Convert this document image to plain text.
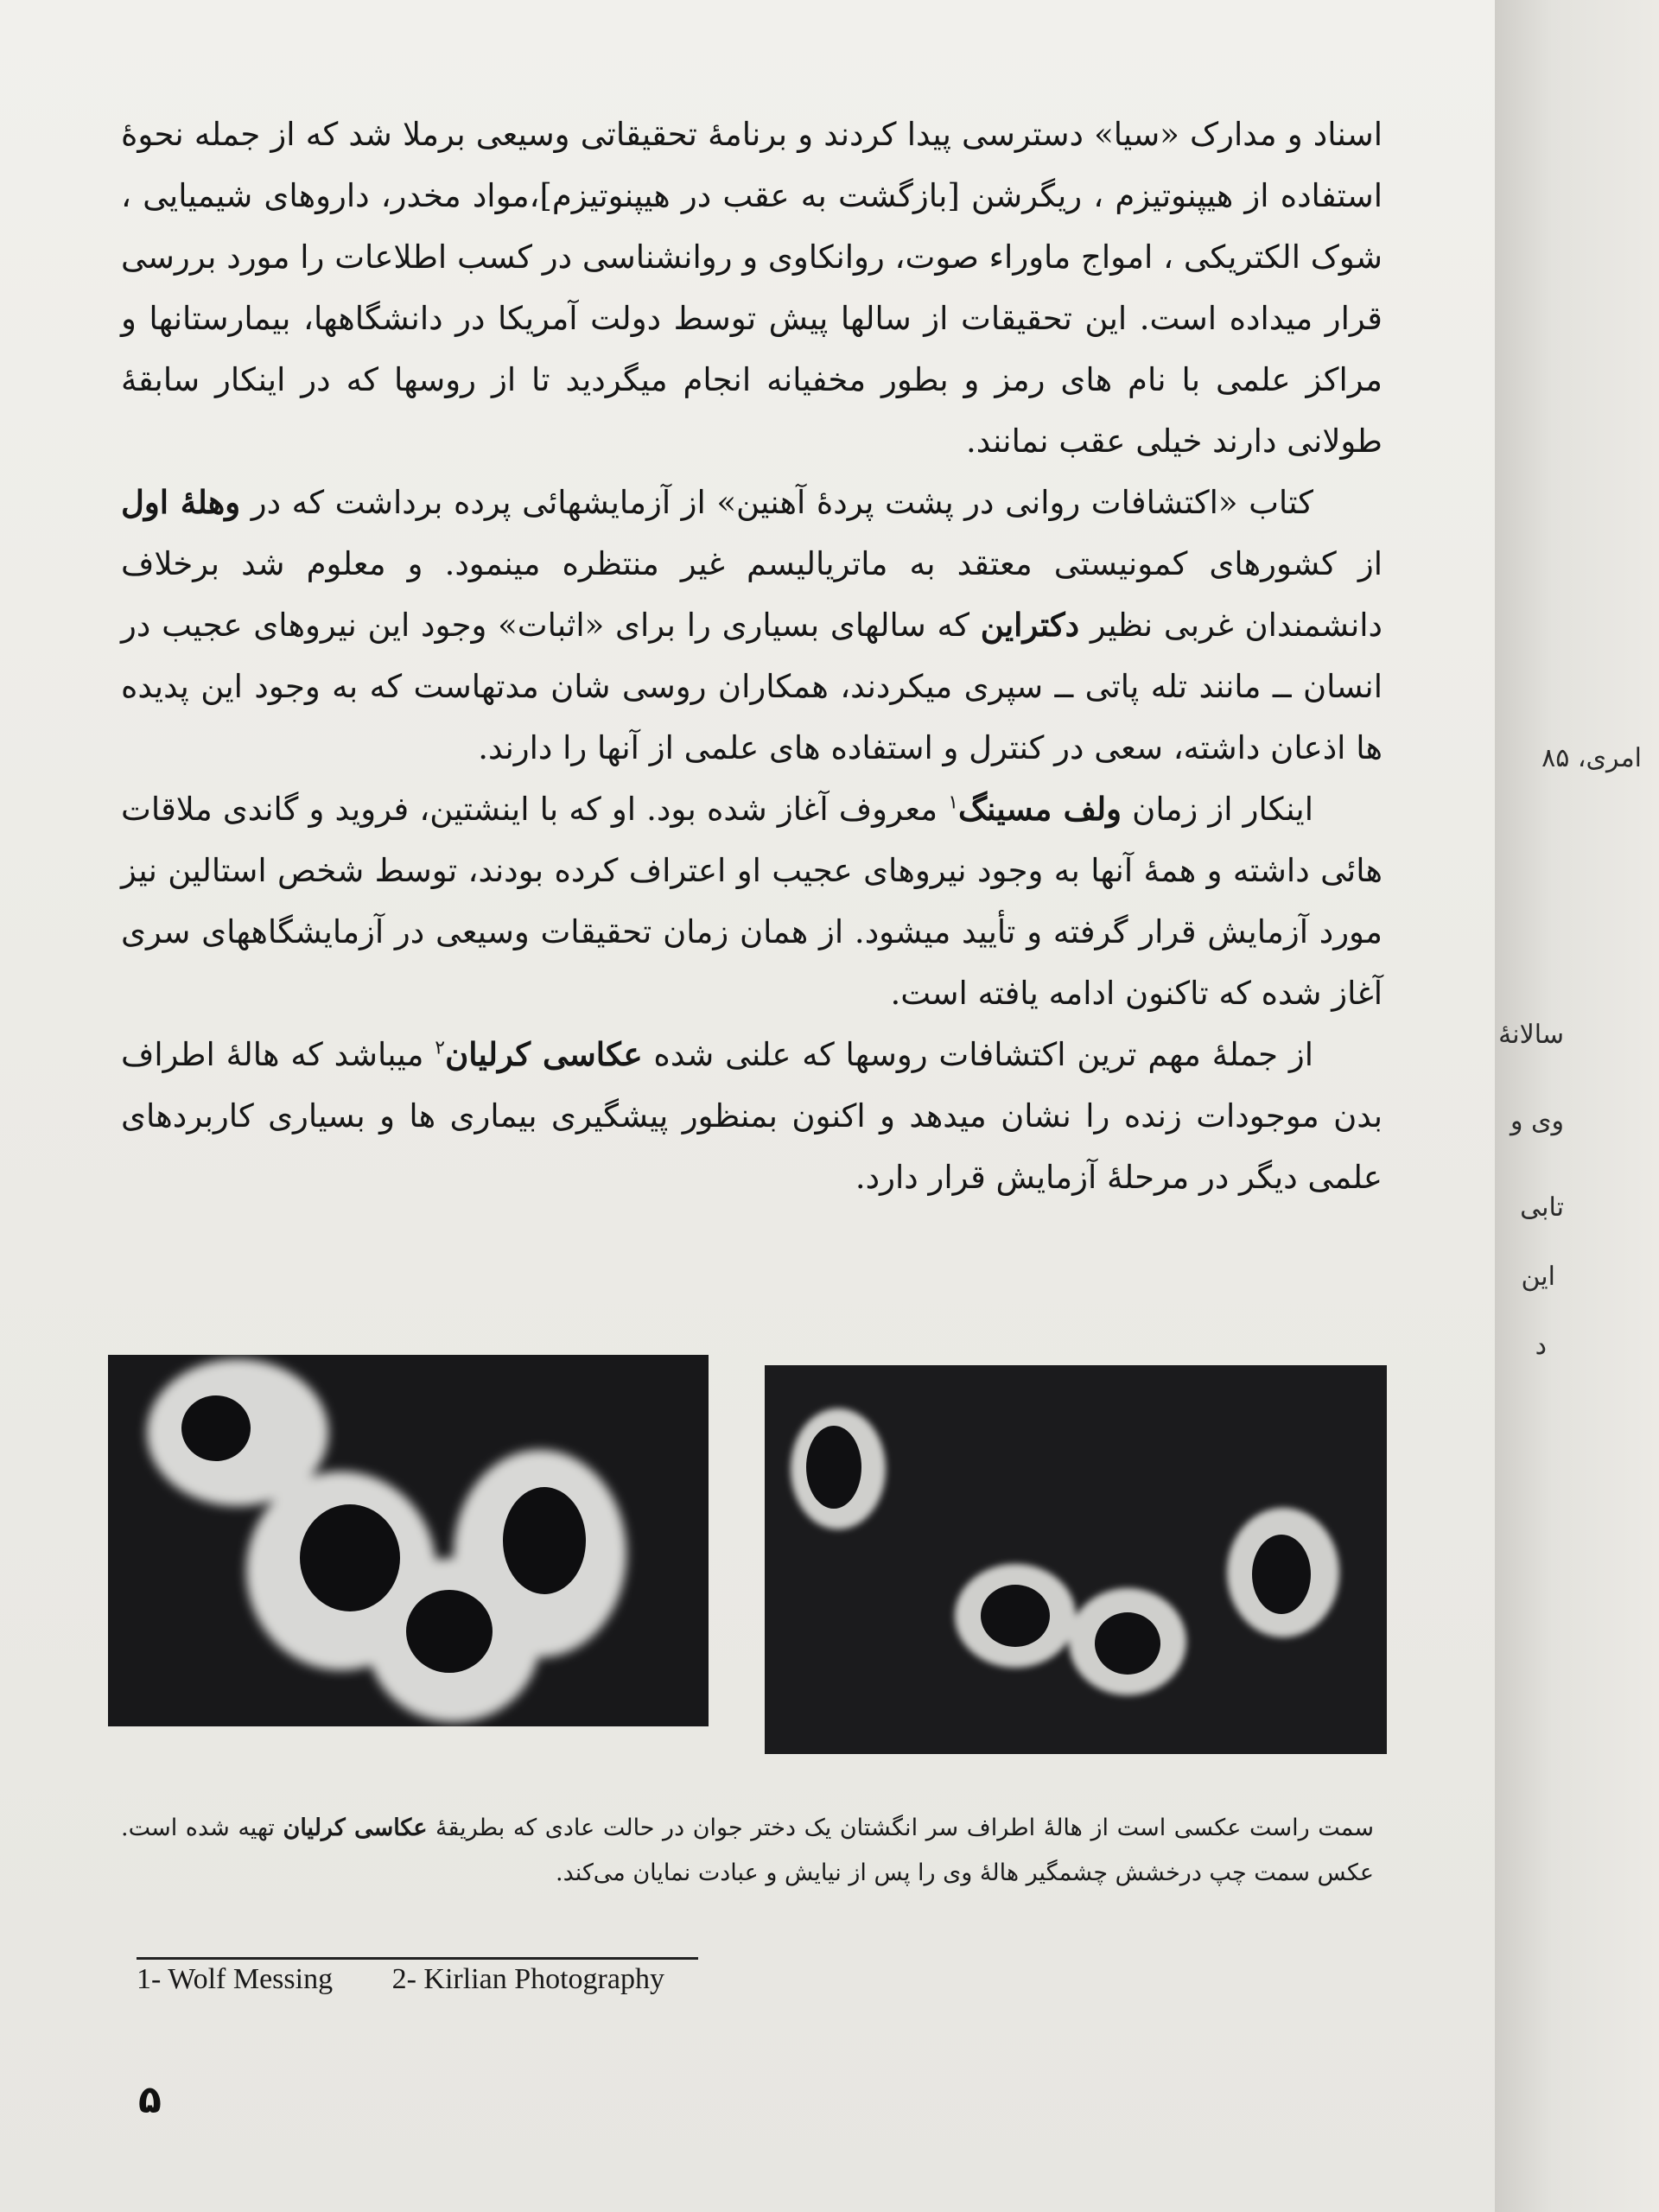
اسناد و مدارک «سیا» دسترسی پیدا کردند و برنامهٔ تحقیقاتی وسیعی برملا شد که از جمله نحوهٔ استفاده از هیپنوتیزم ، ریگرشن [بازگشت به عقب در هیپنوتیزم]،مواد مخدر، داروهای شیمیایی ، شوک الکتریکی ، امواج ماوراء صوت، روانکاوی و روانشناسی در کسب اطلاعات را مورد بررسی قرار میداده است. این تحقیقات از سالها پیش توسط دولت آمریکا در دانشگاهها، بیمارستانها و مراکز علمی با نام های رمز و بطور مخفیانه انجام میگردید تا از روسها که در اینکار سابقهٔ طولانی دارند خیلی عقب نمانند.

کتاب «اکتشافات روانی در پشت پردهٔ آهنین» از آزمایشهائی پرده برداشت که در وهلهٔ اول از کشورهای کمونیستی معتقد به ماتریالیسم غیر منتظره مینمود. و معلوم شد برخلاف دانشمندان غربی نظیر دکتراین که سالهای بسیاری را برای «اثبات» وجود این نیروهای عجیب در انسان ــ مانند تله پاتی ــ سپری میکردند، همکاران روسی شان مدتهاست که به وجود این پدیده ها اذعان داشته، سعی در کنترل و استفاده های علمی از آنها را دارند.

اینکار از زمان ولف مسینگ$^۱$ معروف آغاز شده بود. او که با اینشتین، فروید و گاندی ملاقات هائی داشته و همهٔ آنها به وجود نیروهای عجیب او اعتراف کرده بودند، توسط شخص استالین نیز مورد آزمایش قرار گرفته و تأیید میشود. از همان زمان تحقیقات وسیعی در آزمایشگاههای سری آغاز شده که تاکنون ادامه یافته است.

از جملهٔ مهم ترین اکتشافات روسها که علنی شده عکاسی کرلیان$^۲$ میباشد که هالهٔ اطراف بدن موجودات زنده را نشان میدهد و اکنون بمنظور پیشگیری بیماری ها و بسیاری کاربردهای علمی دیگر در مرحلهٔ آزمایش قرار دارد.

سمت راست عکسی است از هالهٔ اطراف سر انگشتان یک دختر جوان در حالت عادی که بطریقهٔ عکاسی کرلیان تهیه شده است. عکس سمت چپ درخشش چشمگیر هالهٔ وی را پس از نیایش و عبادت نمایان می‌کند.

1- Wolf Messing 2- Kirlian Photography
۵
امری، ۸۵
سالانهٔ
وی و
تابی
این
د
